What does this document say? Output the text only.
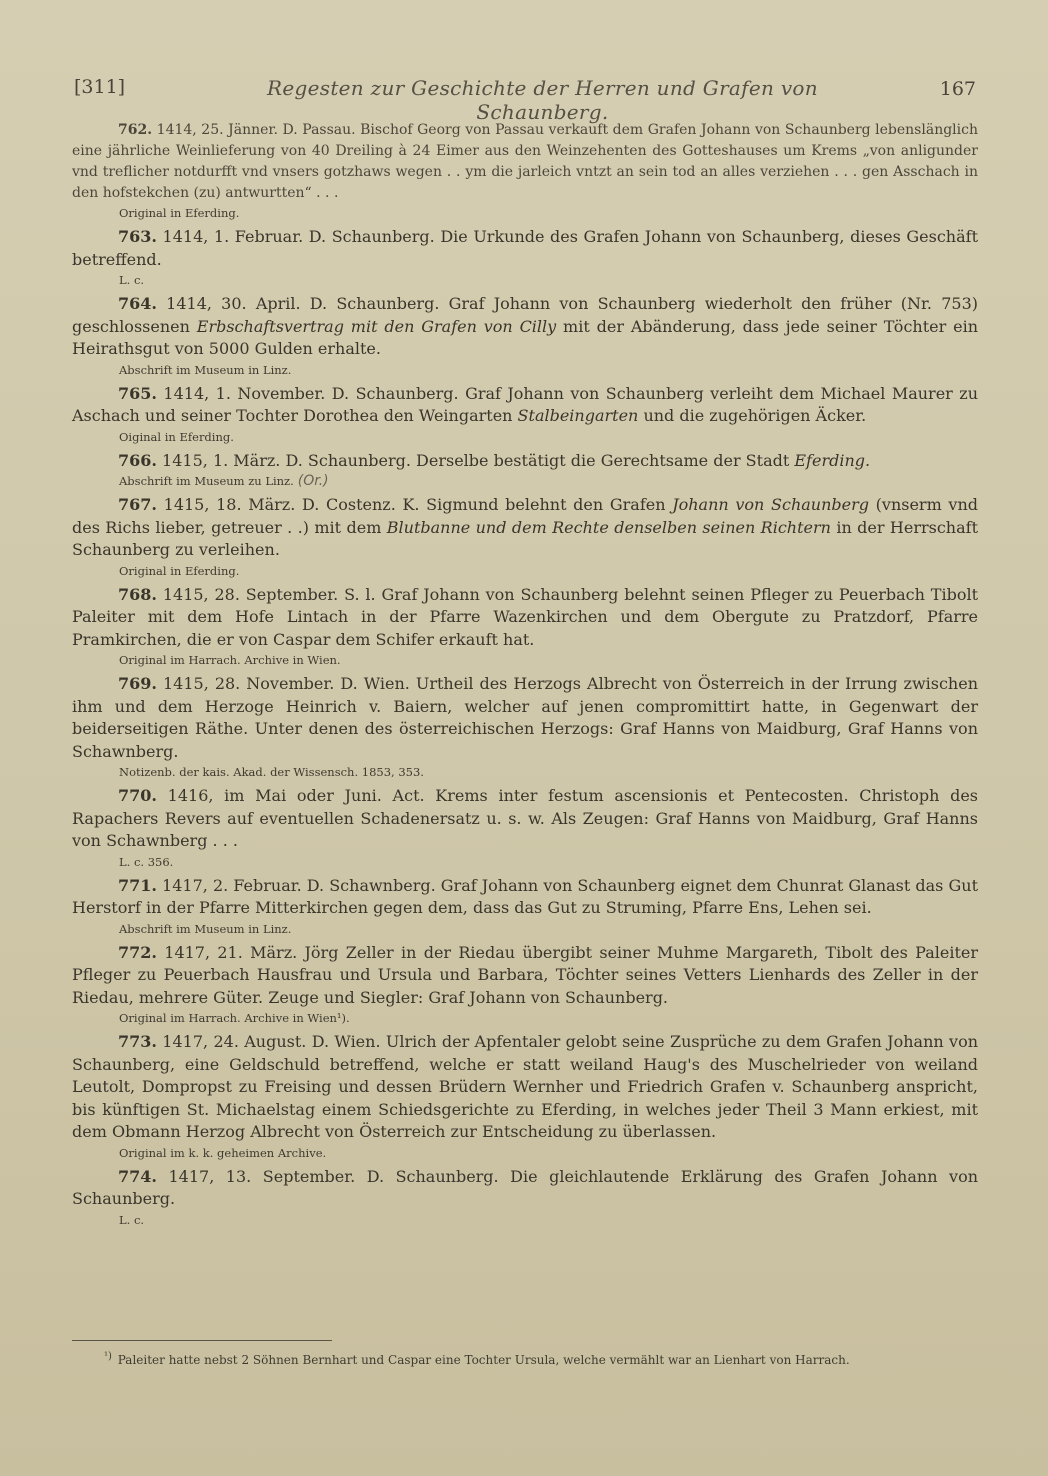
[311]	Regesten zur Geschichte der Herren und Grafen von Schaunberg.
167

762. 1414, 25. Jänner. D. Passau. Bischof Georg von Passau verkauft dem Grafen Johann von Schaunberg lebenslänglich eine jährliche Weinlieferung von 40 Dreiling à 24 Eimer aus den Weinzehenten des Gotteshauses um Krems „von anligunder vnd treflicher notdurfft vnd vnsers gotzhaws wegen . . ym die jarleich vntzt an sein tod an alles verziehen . . . gen Asschach in den hofstekchen (zu) antwurtten“ . . .

Original in Eferding.

763. 1414, 1. Februar. D. Schaunberg. Die Urkunde des Grafen Johann von Schaunberg, dieses Geschäft betreffend.

L. c.

764. 1414, 30. April. D. Schaunberg. Graf Johann von Schaunberg wiederholt den früher (Nr. 753) geschlossenen Erbschaftsvertrag mit den Grafen von Cilly mit der Abänderung, dass jede seiner Töchter ein Heirathsgut von 5000 Gulden erhalte.

Abschrift im Museum in Linz.

765. 1414, 1. November. D. Schaunberg. Graf Johann von Schaunberg verleiht dem Michael Maurer zu Aschach und seiner Tochter Dorothea den Weingarten Stalbeingarten und die zugehörigen Äcker.

Oiginal in Eferding.

766. 1415, 1. März. D. Schaunberg. Derselbe bestätigt die Gerechtsame der Stadt Eferding.

Abschrift im Museum zu Linz. (Or.)

767. 1415, 18. März. D. Costenz. K. Sigmund belehnt den Grafen Johann von Schaunberg (vnserm vnd des Richs lieber, getreuer . .) mit dem Blutbanne und dem Rechte denselben seinen Richtern in der Herrschaft Schaunberg zu verleihen.

Original in Eferding.

768. 1415, 28. September. S. l. Graf Johann von Schaunberg belehnt seinen Pfleger zu Peuerbach Tibolt Paleiter mit dem Hofe Lintach in der Pfarre Wazenkirchen und dem Obergute zu Pratzdorf, Pfarre Pramkirchen, die er von Caspar dem Schifer erkauft hat.

Original im Harrach. Archive in Wien.

769. 1415, 28. November. D. Wien. Urtheil des Herzogs Albrecht von Österreich in der Irrung zwischen ihm und dem Herzoge Heinrich v. Baiern, welcher auf jenen compromittirt hatte, in Gegenwart der beiderseitigen Räthe. Unter denen des österreichischen Herzogs: Graf Hanns von Maidburg, Graf Hanns von Schawnberg.

Notizenb. der kais. Akad. der Wissensch. 1853, 353.

770. 1416, im Mai oder Juni. Act. Krems inter festum ascensionis et Pentecosten. Christoph des Rapachers Revers auf eventuellen Schadenersatz u. s. w. Als Zeugen: Graf Hanns von Maidburg, Graf Hanns von Schawnberg . . .

L. c. 356.

771. 1417, 2. Februar. D. Schawnberg. Graf Johann von Schaunberg eignet dem Chunrat Glanast das Gut Herstorf in der Pfarre Mitterkirchen gegen dem, dass das Gut zu Struming, Pfarre Ens, Lehen sei.

Abschrift im Museum in Linz.

772. 1417, 21. März. Jörg Zeller in der Riedau übergibt seiner Muhme Margareth, Tibolt des Paleiter Pfleger zu Peuerbach Hausfrau und Ursula und Barbara, Töchter seines Vetters Lienhards des Zeller in der Riedau, mehrere Güter. Zeuge und Siegler: Graf Johann von Schaunberg.

Original im Harrach. Archive in Wien¹).

773. 1417, 24. August. D. Wien. Ulrich der Apfentaler gelobt seine Zusprüche zu dem Grafen Johann von Schaunberg, eine Geldschuld betreffend, welche er statt weiland Haug's des Muschelrieder von weiland Leutolt, Dompropst zu Freising und dessen Brüdern Wernher und Friedrich Grafen v. Schaunberg anspricht, bis künftigen St. Michaelstag einem Schiedsgerichte zu Eferding, in welches jeder Theil 3 Mann erkiest, mit dem Obmann Herzog Albrecht von Österreich zur Entscheidung zu überlassen.

Original im k. k. geheimen Archive.

774. 1417, 13. September. D. Schaunberg. Die gleichlautende Erklärung des Grafen Johann von Schaunberg.

L. c.
$^{^1)}$ Paleiter hatte nebst 2 Söhnen Bernhart und Caspar eine Tochter Ursula, welche vermählt war an Lienhart von Harrach.
